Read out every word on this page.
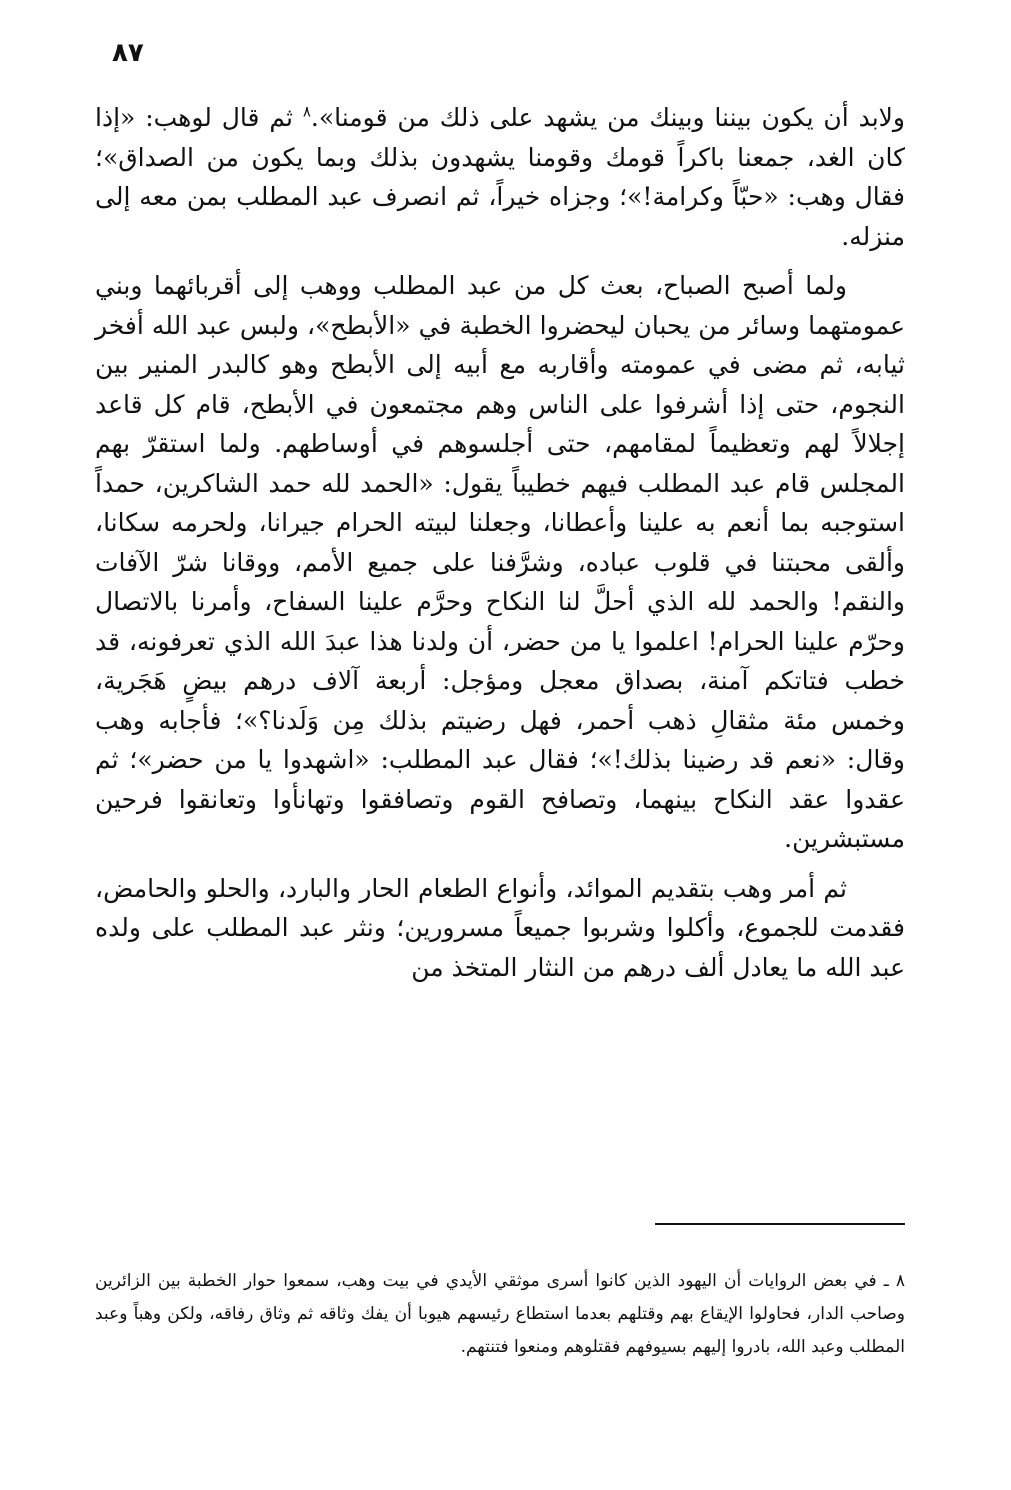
٨٧

ولابد أن يكون بيننا وبينك من يشهد على ذلك من قومنا».$^٨$ ثم قال لوهب: «إذا كان الغد، جمعنا باكراً قومك وقومنا يشهدون بذلك وبما يكون من الصداق»؛ فقال وهب: «حبّاً وكرامة!»؛ وجزاه خيراً، ثم انصرف عبد المطلب بمن معه إلى منزله.

ولما أصبح الصباح، بعث كل من عبد المطلب ووهب إلى أقربائهما وبني عمومتهما وسائر من يحبان ليحضروا الخطبة في «الأبطح»، ولبس عبد الله أفخر ثيابه، ثم مضى في عمومته وأقاربه مع أبيه إلى الأبطح وهو كالبدر المنير بين النجوم، حتى إذا أشرفوا على الناس وهم مجتمعون في الأبطح، قام كل قاعد إجلالاً لهم وتعظيماً لمقامهم، حتى أجلسوهم في أوساطهم. ولما استقرّ بهم المجلس قام عبد المطلب فيهم خطيباً يقول: «الحمد لله حمد الشاكرين، حمداً استوجبه بما أنعم به علينا وأعطانا، وجعلنا لبيته الحرام جيرانا، ولحرمه سكانا، وألقى محبتنا في قلوب عباده، وشرَّفنا على جميع الأمم، ووقانا شرّ الآفات والنقم! والحمد لله الذي أحلَّ لنا النكاح وحرَّم علينا السفاح، وأمرنا بالاتصال وحرّم علينا الحرام! اعلموا يا من حضر، أن ولدنا هذا عبدَ الله الذي تعرفونه، قد خطب فتاتكم آمنة، بصداق معجل ومؤجل: أربعة آلاف درهم بيضٍ هَجَرية، وخمس مئة مثقالِ ذهب أحمر، فهل رضيتم بذلك مِن وَلَدنا؟»؛ فأجابه وهب وقال: «نعم قد رضينا بذلك!»؛ فقال عبد المطلب: «اشهدوا يا من حضر»؛ ثم عقدوا عقد النكاح بينهما، وتصافح القوم وتصافقوا وتهانأوا وتعانقوا فرحين مستبشرين.

ثم أمر وهب بتقديم الموائد، وأنواع الطعام الحار والبارد، والحلو والحامض، فقدمت للجموع، وأكلوا وشربوا جميعاً مسرورين؛ ونثر عبد المطلب على ولده عبد الله ما يعادل ألف درهم من النثار المتخذ من

٨ ـ في بعض الروايات أن اليهود الذين كانوا أسرى موثقي الأيدي في بيت وهب، سمعوا حوار الخطبة بين الزائرين وصاحب الدار، فحاولوا الإيقاع بهم وقتلهم بعدما استطاع رئيسهم هيوبا أن يفك وثاقه ثم وثاق رفاقه، ولكن وهباً وعبد المطلب وعبد الله، بادروا إليهم بسيوفهم فقتلوهم ومنعوا فتنتهم.
